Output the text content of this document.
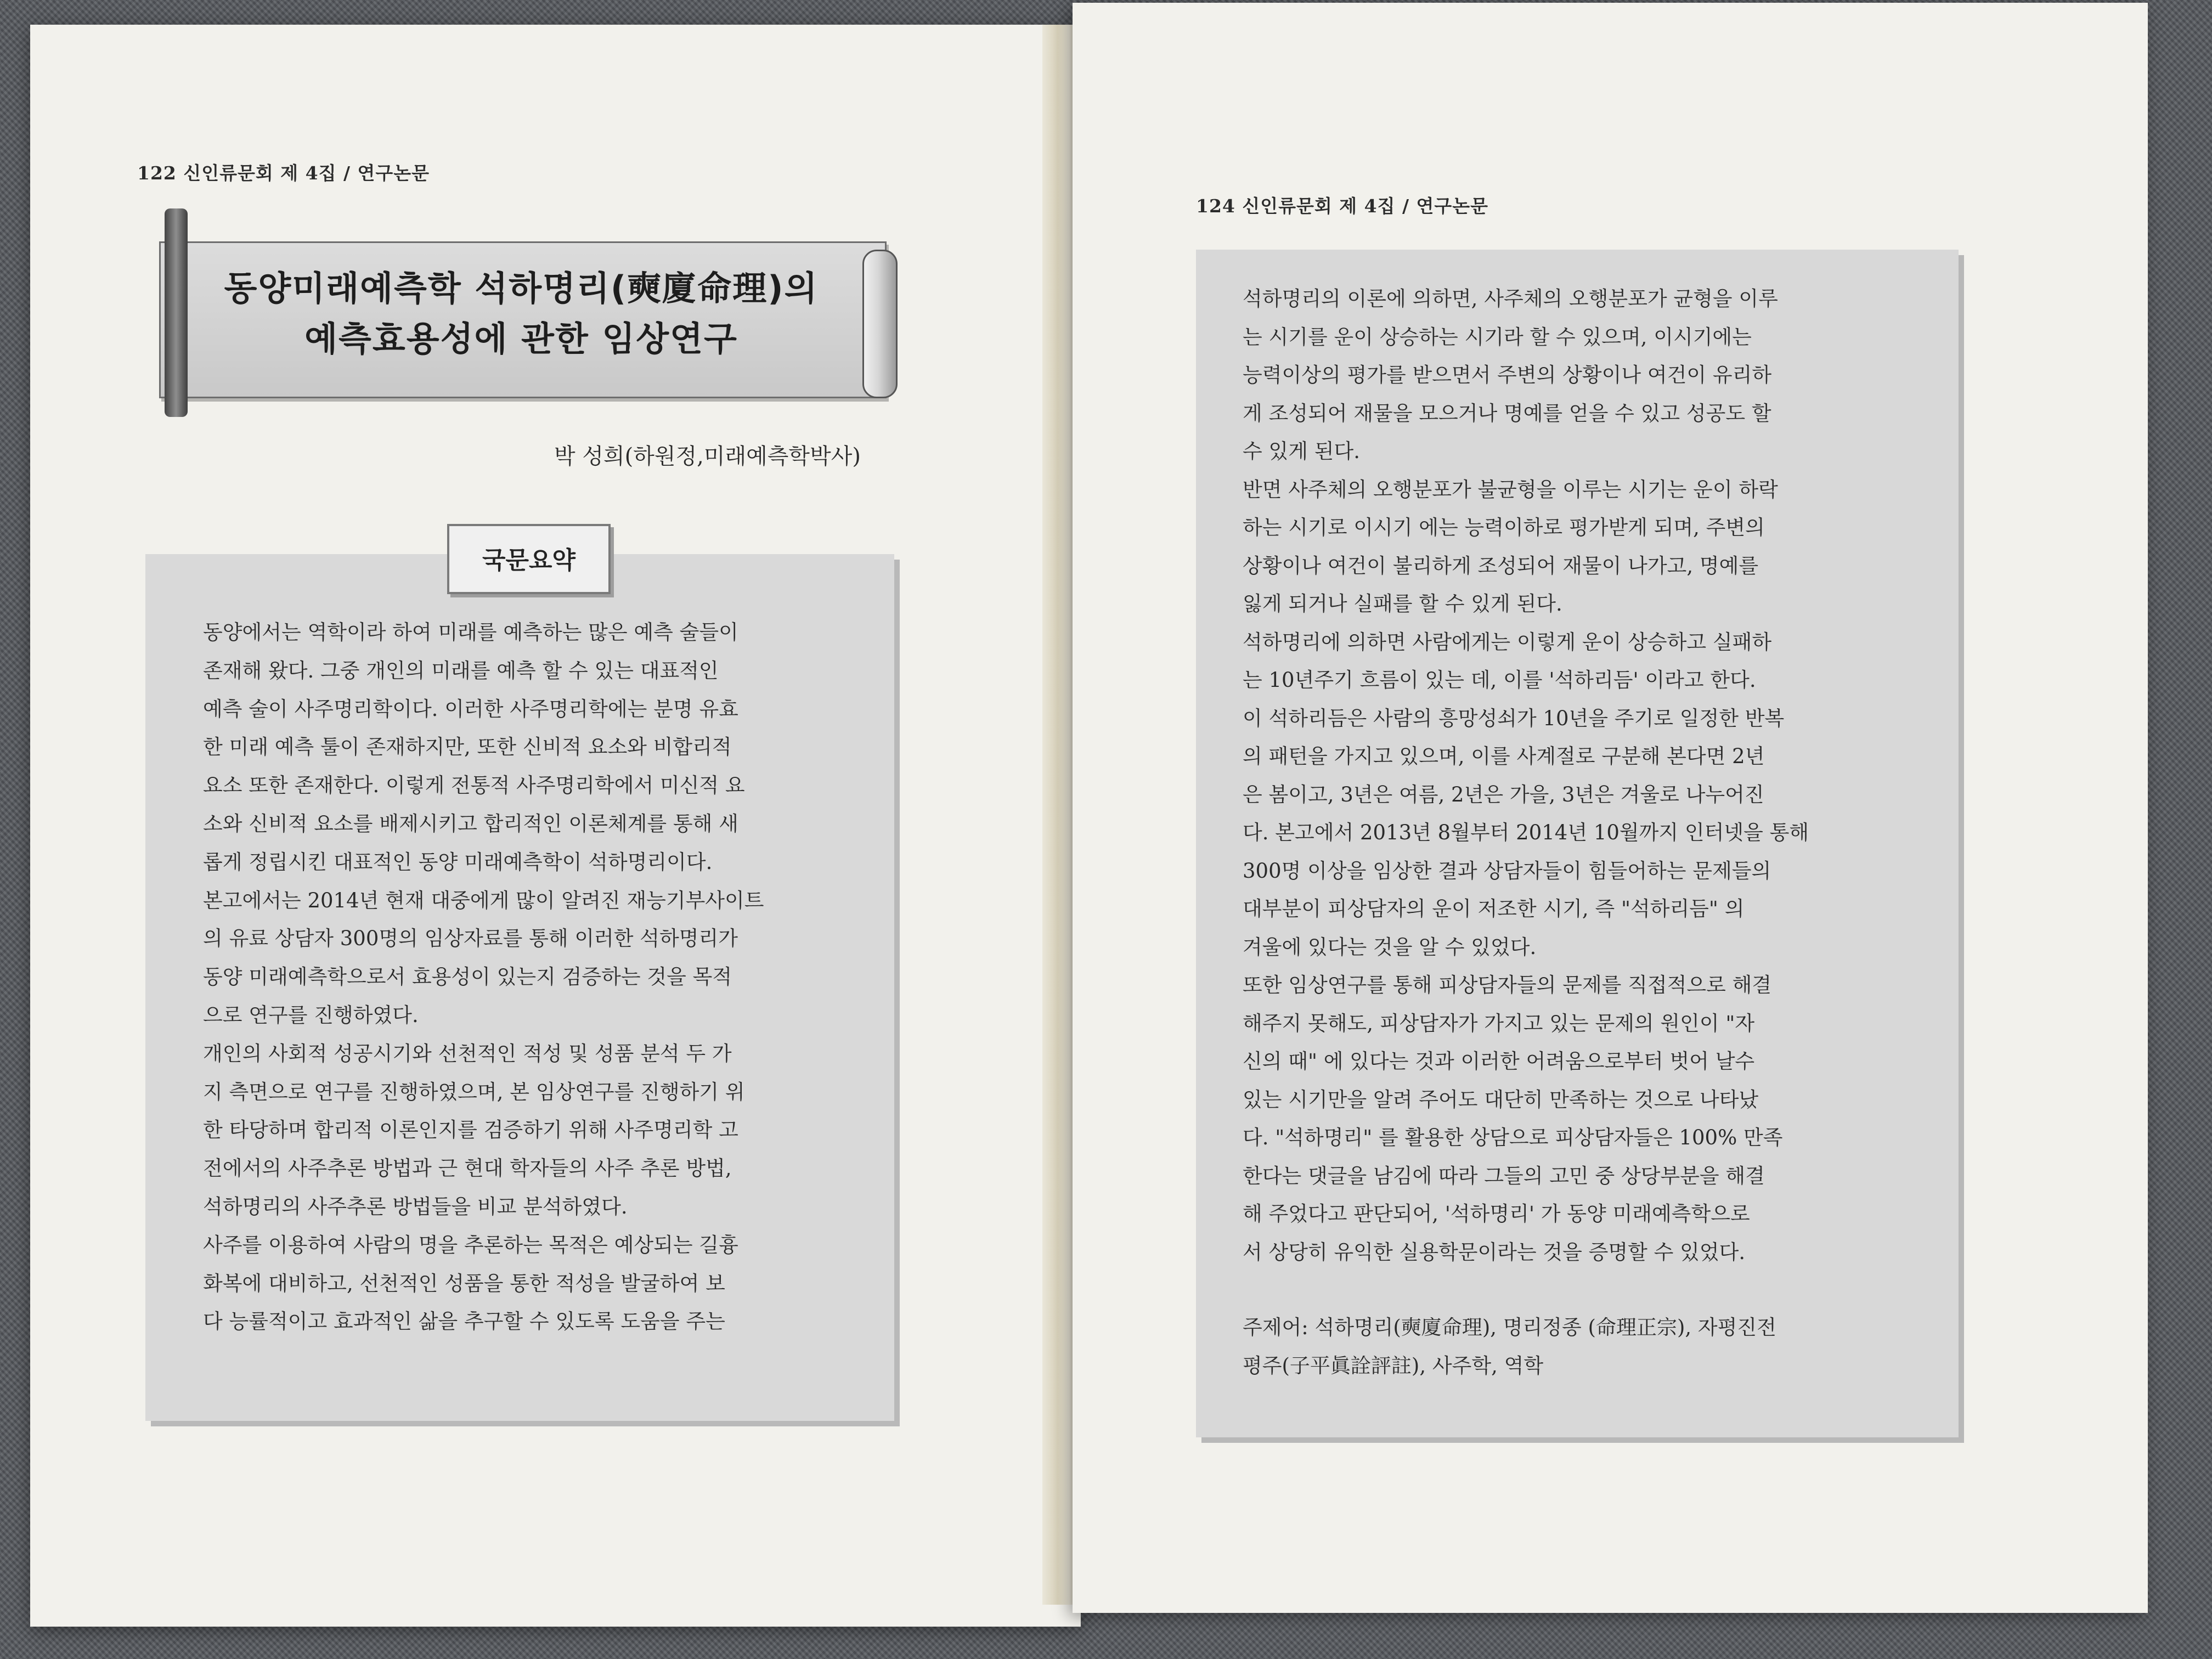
122 신인류문회 제 4집 / 연구논문
동양미래예측학 석하명리(奭廈命理)의
예측효용성에 관한 임상연구
박 성희(하원정,미래예측학박사)
국문요약

동양에서는 역학이라 하여 미래를 예측하는 많은 예측 술들이

존재해 왔다. 그중 개인의 미래를 예측 할 수 있는 대표적인

예측 술이 사주명리학이다. 이러한 사주명리학에는 분명 유효

한 미래 예측 툴이 존재하지만, 또한 신비적 요소와 비합리적

요소 또한 존재한다. 이렇게 전통적 사주명리학에서 미신적 요

소와 신비적 요소를 배제시키고 합리적인 이론체계를 통해 새

롭게 정립시킨 대표적인 동양 미래예측학이 석하명리이다.

본고에서는 2014년 현재 대중에게 많이 알려진 재능기부사이트

의 유료 상담자 300명의 임상자료를 통해 이러한 석하명리가

동양 미래예측학으로서 효용성이 있는지 검증하는 것을 목적

으로 연구를 진행하였다.

개인의 사회적 성공시기와 선천적인 적성 및 성품 분석 두 가

지 측면으로 연구를 진행하였으며, 본 임상연구를 진행하기 위

한 타당하며 합리적 이론인지를 검증하기 위해 사주명리학 고

전에서의 사주추론 방법과 근 현대 학자들의 사주 추론 방법,

석하명리의 사주추론 방법들을 비교 분석하였다.

사주를 이용하여 사람의 명을 추론하는 목적은 예상되는 길흉

화복에 대비하고, 선천적인 성품을 통한 적성을 발굴하여 보

다 능률적이고 효과적인 삶을 추구할 수 있도록 도움을 주는

124 신인류문회 제 4집 / 연구논문

석하명리의 이론에 의하면, 사주체의 오행분포가 균형을 이루

는 시기를 운이 상승하는 시기라 할 수 있으며, 이시기에는

능력이상의 평가를 받으면서 주변의 상황이나 여건이 유리하

게 조성되어 재물을 모으거나 명예를 얻을 수 있고 성공도 할

수 있게 된다.

반면 사주체의 오행분포가 불균형을 이루는 시기는 운이 하락

하는 시기로 이시기 에는 능력이하로 평가받게 되며, 주변의

상황이나 여건이 불리하게 조성되어 재물이 나가고, 명예를

잃게 되거나 실패를 할 수 있게 된다.

석하명리에 의하면 사람에게는 이렇게 운이 상승하고 실패하

는 10년주기 흐름이 있는 데, 이를 '석하리듬' 이라고 한다.

이 석하리듬은 사람의 흥망성쇠가 10년을 주기로 일정한 반복

의 패턴을 가지고 있으며, 이를 사계절로 구분해 본다면 2년

은 봄이고, 3년은 여름, 2년은 가을, 3년은 겨울로 나누어진

다. 본고에서 2013년 8월부터 2014년 10월까지 인터넷을 통해

300명 이상을 임상한 결과 상담자들이 힘들어하는 문제들의

대부분이 피상담자의 운이 저조한 시기, 즉 "석하리듬" 의

겨울에 있다는 것을 알 수 있었다.

또한 임상연구를 통해 피상담자들의 문제를 직접적으로 해결

해주지 못해도, 피상담자가 가지고 있는 문제의 원인이 "자

신의 때" 에 있다는 것과 이러한 어려움으로부터 벗어 날수

있는 시기만을 알려 주어도 대단히 만족하는 것으로 나타났

다. "석하명리" 를 활용한 상담으로 피상담자들은 100% 만족

한다는 댓글을 남김에 따라 그들의 고민 중 상당부분을 해결

해 주었다고 판단되어, '석하명리' 가 동양 미래예측학으로

서 상당히 유익한 실용학문이라는 것을 증명할 수 있었다.

주제어: 석하명리(奭廈命理), 명리정종 (命理正宗), 자평진전

평주(子平眞詮評註), 사주학, 역학
